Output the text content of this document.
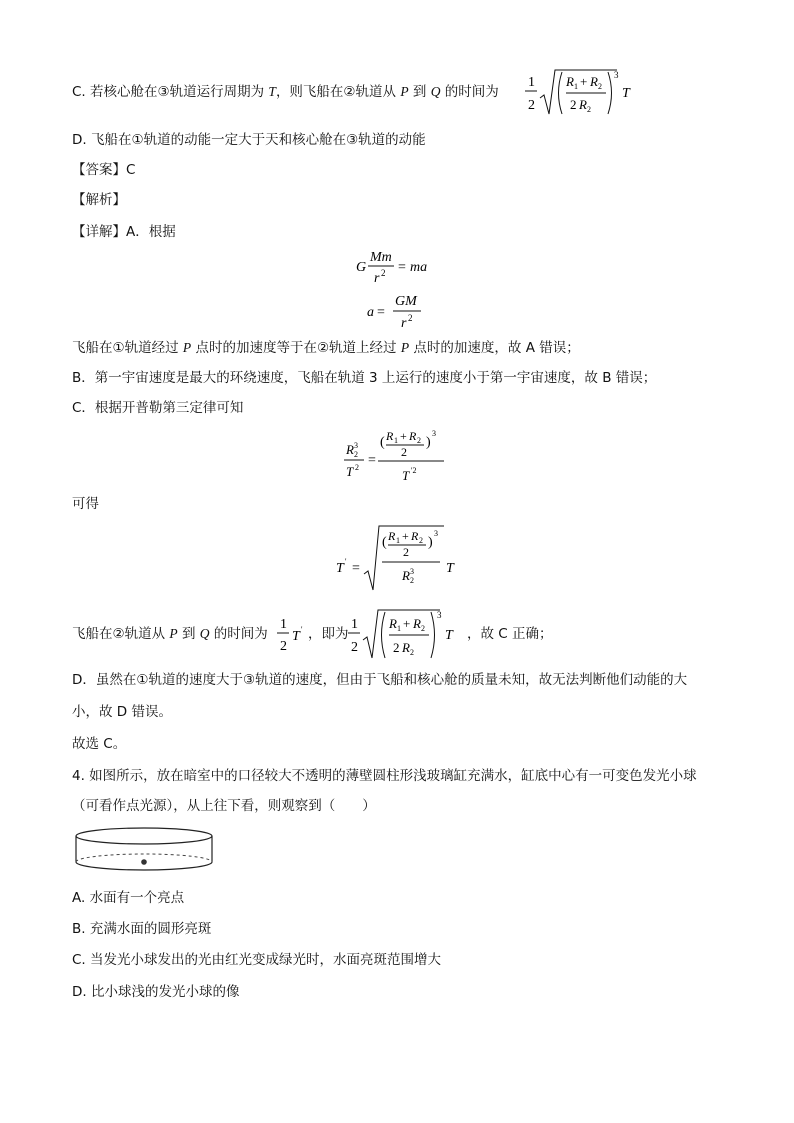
C. 若核心舱在③轨道运行周期为 T，则飞船在②轨道从 P 到 Q 的时间为
1
2
R 1 + R 2
2 R 2
3
T
D. 飞船在①轨道的动能一定大于天和核心舱在③轨道的动能
【答案】C
【解析】
【详解】A．根据
G
Mm
r 2 = ma
a =
GM
r 2
飞船在①轨道经过 P 点时的加速度等于在②轨道上经过 P 点时的加速度，故 A 错误；
B．第一宇宙速度是最大的环绕速度，飞船在轨道 3 上运行的速度小于第一宇宙速度，故 B 错误；
C．根据开普勒第三定律可知
R 2
3
T 2 =
( R 1 + R 2
2
)
3
T '2
可得
T ' =
( R 1 + R 2
2
)
3
R 2
3 T
飞船在②轨道从 P 到 Q 的时间为
1
2
T ' ，即为
1
2
R 1 + R 2
2 R 2
3
T ，故 C 正确；
D．虽然在①轨道的速度大于③轨道的速度，但由于飞船和核心舱的质量未知，故无法判断他们动能的大
小，故 D 错误。
故选 C。
4. 如图所示，放在暗室中的口径较大不透明的薄壁圆柱形浅玻璃缸充满水，缸底中心有一可变色发光小球
（可看作点光源），从上往下看，则观察到（　　）
A. 水面有一个亮点
B. 充满水面的圆形亮斑
C. 当发光小球发出的光由红光变成绿光时，水面亮斑范围增大
D. 比小球浅的发光小球的像
